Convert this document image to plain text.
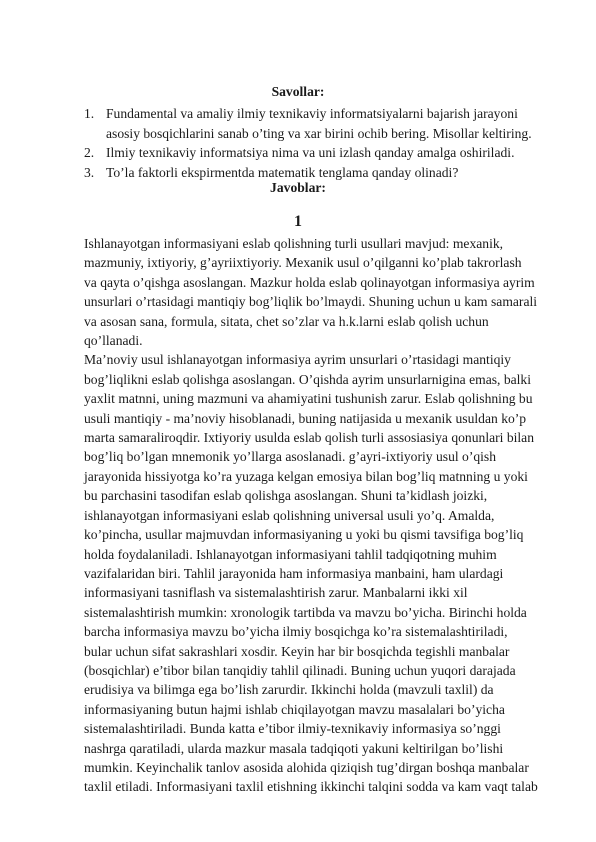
Savollar:
1. Fundamental va amaliy ilmiy texnikaviy informatsiyalarni bajarish jarayoni
asosiy bosqichlarini sanab o’ting va xar birini ochib bering. Misollar keltiring.
2. Ilmiy texnikaviy informatsiya nima va uni izlash qanday amalga oshiriladi.
3. To’la faktorli ekspirmentda matematik tenglama qanday olinadi?
Javoblar:
1
Ishlanayotgan informasiyani eslab qolishning turli usullari mavjud: mexanik,
mazmuniy, ixtiyoriy, g’ayriixtiyoriy. Mexanik usul o’qilganni ko’plab takrorlash
va qayta o’qishga asoslangan. Mazkur holda eslab qolinayotgan informasiya ayrim
unsurlari o’rtasidagi mantiqiy bog’liqlik bo’lmaydi. Shuning uchun u kam samarali
va asosan sana, formula, sitata, chet so’zlar va h.k.larni eslab qolish uchun
qo’llanadi.
Ma’noviy usul ishlanayotgan informasiya ayrim unsurlari o’rtasidagi mantiqiy
bog’liqlikni eslab qolishga asoslangan. O’qishda ayrim unsurlarnigina emas, balki
yaxlit matnni, uning mazmuni va ahamiyatini tushunish zarur. Eslab qolishning bu
usuli mantiqiy - ma’noviy hisoblanadi, buning natijasida u mexanik usuldan ko’p
marta samaraliroqdir. Ixtiyoriy usulda eslab qolish turli assosiasiya qonunlari bilan
bog’liq bo’lgan mnemonik yo’llarga asoslanadi. g’ayri-ixtiyoriy usul o’qish
jarayonida hissiyotga ko’ra yuzaga kelgan emosiya bilan bog’liq matnning u yoki
bu parchasini tasodifan eslab qolishga asoslangan. Shuni ta’kidlash joizki,
ishlanayotgan informasiyani eslab qolishning universal usuli yo’q. Amalda,
ko’pincha, usullar majmuvdan informasiyaning u yoki bu qismi tavsifiga bog’liq
holda foydalaniladi. Ishlanayotgan informasiyani tahlil tadqiqotning muhim
vazifalaridan biri. Tahlil jarayonida ham informasiya manbaini, ham ulardagi
informasiyani tasniflash va sistemalashtirish zarur. Manbalarni ikki xil
sistemalashtirish mumkin: xronologik tartibda va mavzu bo’yicha. Birinchi holda
barcha informasiya mavzu bo’yicha ilmiy bosqichga ko’ra sistemalashtiriladi,
bular uchun sifat sakrashlari xosdir. Keyin har bir bosqichda tegishli manbalar
(bosqichlar) e’tibor bilan tanqidiy tahlil qilinadi. Buning uchun yuqori darajada
erudisiya va bilimga ega bo’lish zarurdir. Ikkinchi holda (mavzuli taxlil) da
informasiyaning butun hajmi ishlab chiqilayotgan mavzu masalalari bo’yicha
sistemalashtiriladi. Bunda katta e’tibor ilmiy-texnikaviy informasiya so’nggi
nashrga qaratiladi, ularda mazkur masala tadqiqoti yakuni keltirilgan bo’lishi
mumkin. Keyinchalik tanlov asosida alohida qiziqish tug’dirgan boshqa manbalar
taxlil etiladi. Informasiyani taxlil etishning ikkinchi talqini sodda va kam vaqt talab
